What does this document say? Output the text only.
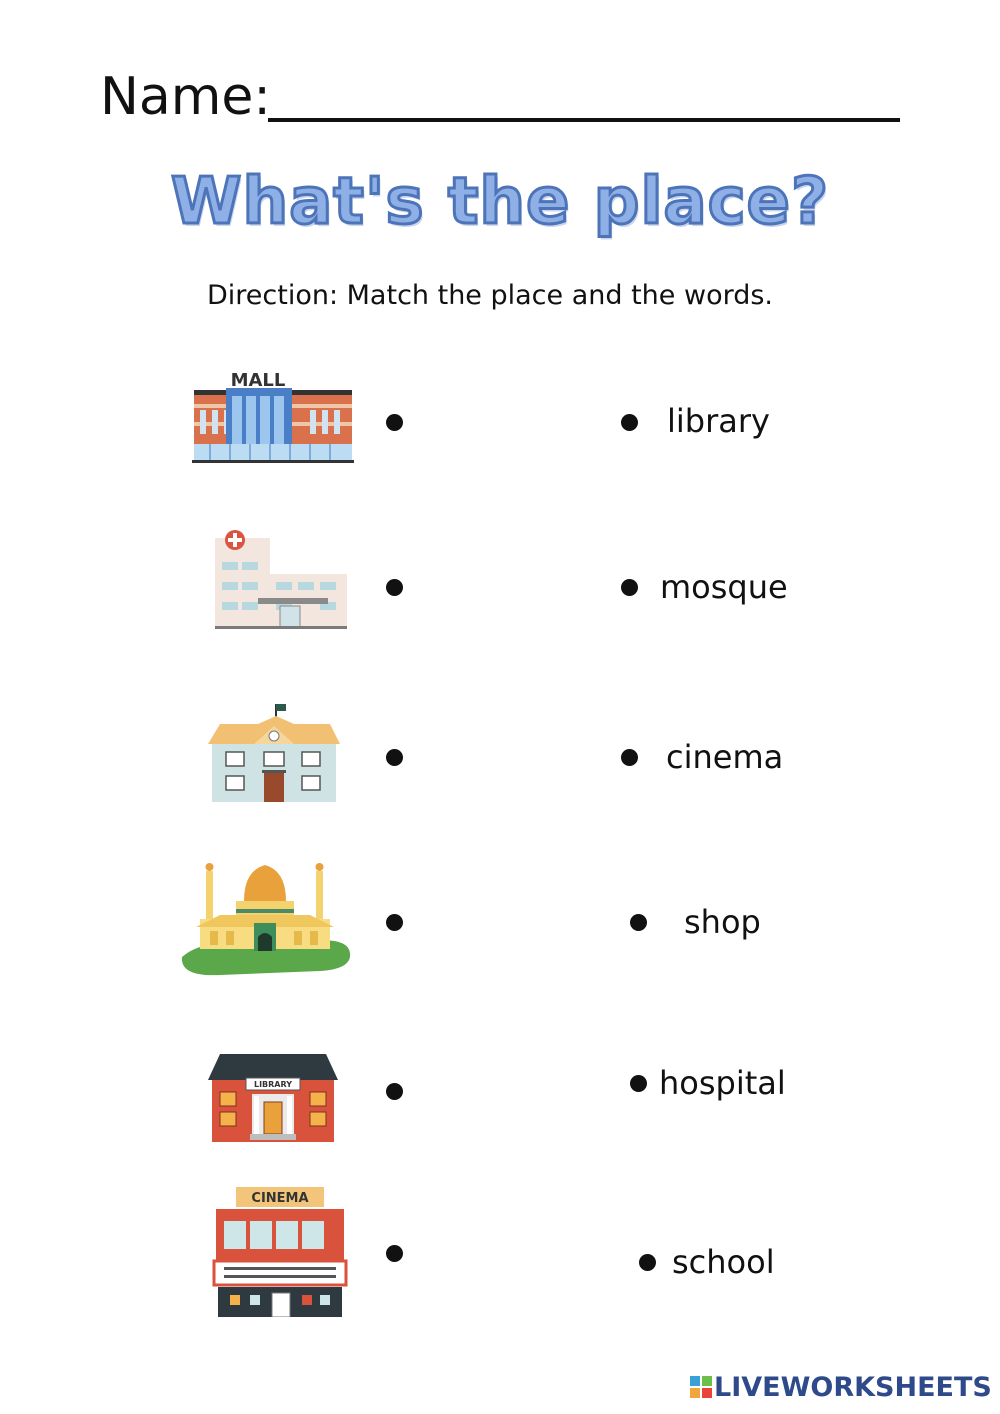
Name:
What's the place?
Direction: Match the place and the words.
MALL
library
mosque
cinema
shop
LIBRARY	hospital
CINEMA
school
LIVEWORKSHEETS
